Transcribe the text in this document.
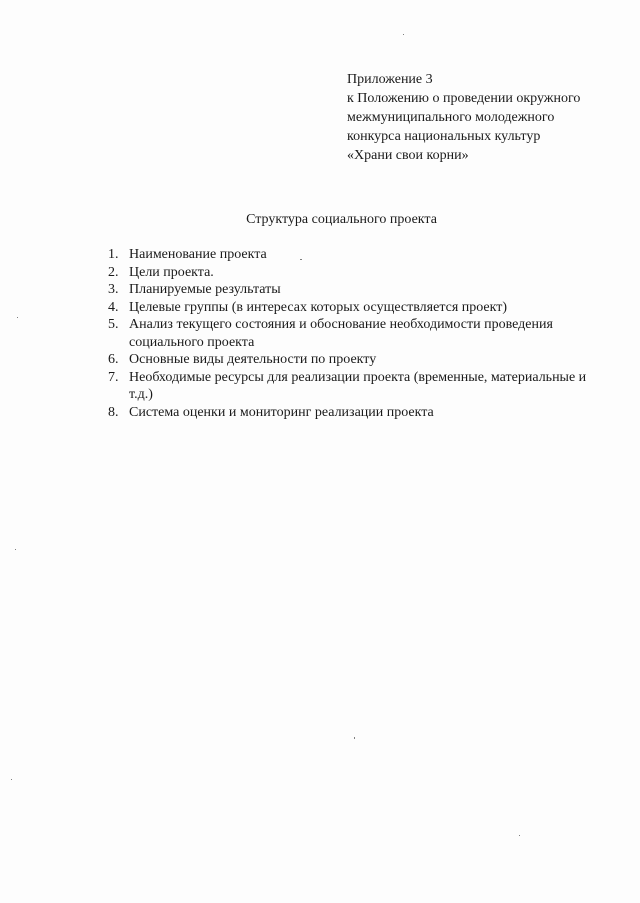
Приложение 3
к Положению о проведении окружного
межмуниципального молодежного
конкурса национальных культур
«Храни свои корни»
Структура социального проекта
1. Наименование проекта
2. Цели проекта.
3. Планируемые результаты
4. Целевые группы (в интересах которых осуществляется проект)
5. Анализ текущего состояния и обоснование необходимости проведения социального проекта
6. Основные виды деятельности по проекту
7. Необходимые ресурсы для реализации проекта (временные, материальные и т.д.)
8. Система оценки и мониторинг реализации проекта
